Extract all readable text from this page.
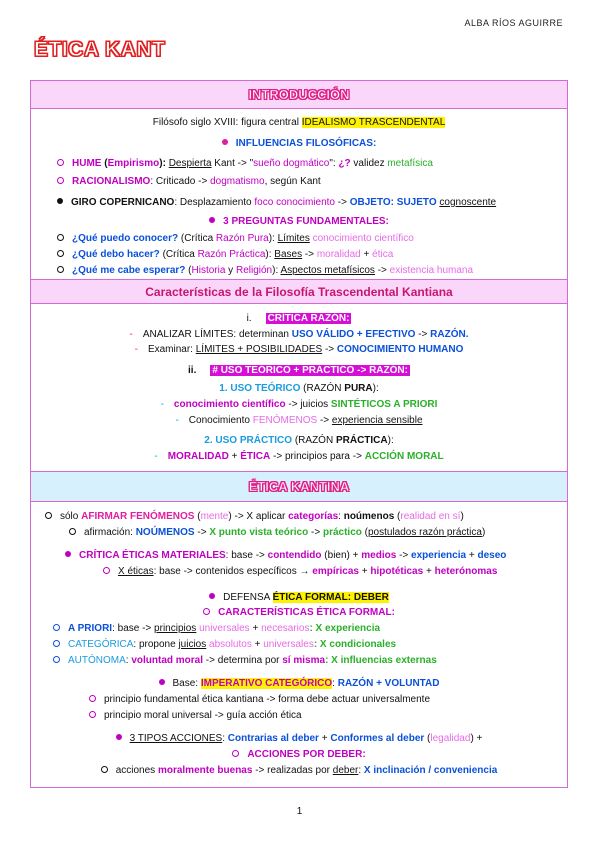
ALBA RÍOS AGUIRRE
ÉTICA KANT
INTRODUCCIÓN
Filósofo siglo XVIII: figura central IDEALISMO TRASCENDENTAL
INFLUENCIAS FILOSÓFICAS:
HUME (Empirismo): Despierta Kant -> "sueño dogmático": ¿? validez metafísica
RACIONALISMO: Criticado -> dogmatismo, según Kant
GIRO COPERNICANO: Desplazamiento foco conocimiento -> OBJETO: SUJETO cognoscente
3 PREGUNTAS FUNDAMENTALES:
¿Qué puedo conocer? (Crítica Razón Pura): Límites conocimiento científico
¿Qué debo hacer? (Crítica Razón Práctica): Bases -> moralidad + ética
¿Qué me cabe esperar? (Historia y Religión): Aspectos metafísicos -> existencia humana
Características de la Filosofía Trascendental Kantiana
i. CRÍTICA RAZÓN:
- ANALIZAR LÍMITES: determinan USO VÁLIDO + EFECTIVO -> RAZÓN.
- Examinar: LÍMITES + POSIBILIDADES -> CONOCIMIENTO HUMANO
ii. # USO TEÓRICO + PRÁCTICO -> RAZÓN:
1. USO TEÓRICO (RAZÓN PURA):
- conocimiento científico -> juicios SINTÉTICOS A PRIORI
- Conocimiento FENÓMENOS -> experiencia sensible
2. USO PRÁCTICO (RAZÓN PRÁCTICA):
- MORALIDAD + ÉTICA -> principios para -> ACCIÓN MORAL
ÉTICA KANTINA
sólo AFIRMAR FENÓMENOS (mente) -> X aplicar categorías: noúmenos (realidad en sí)
afirmación: NOÚMENOS -> X punto vista teórico -> práctico (postulados razón práctica)
CRÍTICA ÉTICAS MATERIALES: base -> contendido (bien) + medios -> experiencia + deseo
X éticas: base -> contenidos específicos → empíricas + hipotéticas + heterónomas
DEFENSA ÉTICA FORMAL: DEBER
CARACTERÍSTICAS ÉTICA FORMAL:
A PRIORI: base -> principios universales + necesarios: X experiencia
CATEGÓRICA: propone juicios absolutos + universales: X condicionales
AUTÓNOMA: voluntad moral -> determina por sí misma: X influencias externas
Base: IMPERATIVO CATEGÓRICO: RAZÓN + VOLUNTAD
principio fundamental ética kantiana -> forma debe actuar universalmente
principio moral universal -> guía acción ética
3 TIPOS ACCIONES: Contrarias al deber + Conformes al deber (legalidad) +
ACCIONES POR DEBER:
acciones moralmente buenas -> realizadas por deber: X inclinación / conveniencia
1
